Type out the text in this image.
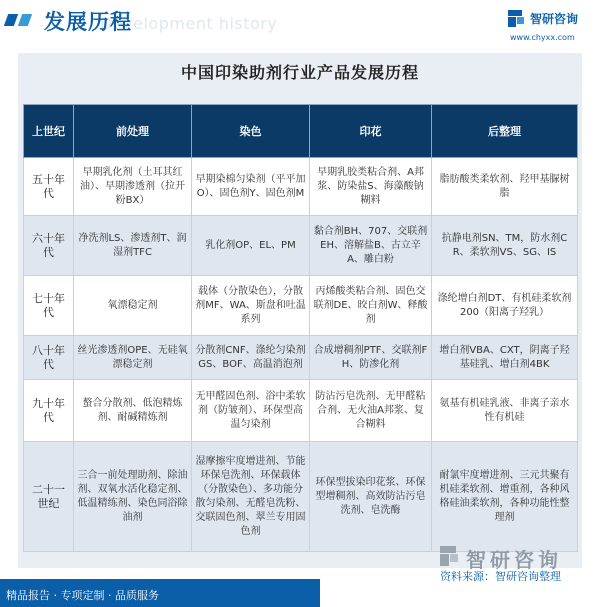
Development history
发展历程	智研咨询
www.chyxx.com
中国印染助剂行业产品发展历程
上世纪	前处理	染色	印花	后整理
五十年代	早期乳化剂（土耳其红油）、早期渗透剂（拉开粉BX）	早期染棉匀染剂（平平加O）、固色剂Y、固色剂M	早期乳胶类粘合剂、A邦浆、防染盐S、海藻酸钠糊料	脂肪酸类柔软剂、羟甲基脲树脂
六十年代	净洗剂LS、渗透剂T、润湿剂TFC	乳化剂OP、EL、PM	黏合剂BH、707、交联剂EH、溶解盐B、古立辛A、雕白粉	抗静电剂SN、TM，防水剂CR、柔软剂VS、SG、IS
七十年代	氧漂稳定剂	载体（分散染色），分散剂MF、WA、斯盘和吐温系列	丙烯酸类粘合剂、固色交联剂DE、晈白剂W、释酸剂	涤纶增白剂DT、有机硅柔软剂200（阳离子羟乳）
八十年代	丝光渗透剂OPE、无硅氧漂稳定剂	分散剂CNF、涤纶匀染剂GS、BOF、高温消泡剂	合成增稠剂PTF、交联剂FH、防渗化剂	增白剂VBA、CXT，阴离子羟基硅乳、增白剂4BK
九十年代	螯合分散剂、低泡精炼剂、耐碱精炼剂	无甲醛固色剂、浴中柔软剂（防皱剂）、环保型高温匀染剂	防沾污皂洗剂、无甲醛粘合剂、无火油A邦浆、复合糊料	氨基有机硅乳液、非离子亲水性有机硅
二十一世纪	三合一前处理助剂、除油剂、双氧水活化稳定剂、低温精练剂、染色同浴除油剂	湿摩擦牢度增进剂、节能环保皂洗剂、环保载体（分散染色）、多功能分散匀染剂、无醛皂洗粉、交联固色剂、翠兰专用固色剂	环保型拔染印花浆、环保型增稠剂、高效防沾污皂洗剂、皂洗酶	耐氯牢度增进剂、三元共聚有机硅柔软剂、增重剂，各种风格硅油柔软剂，各种功能性整理剂
精品报告 · 专项定制 · 品质服务
智研咨询
资料来源：智研咨询整理
